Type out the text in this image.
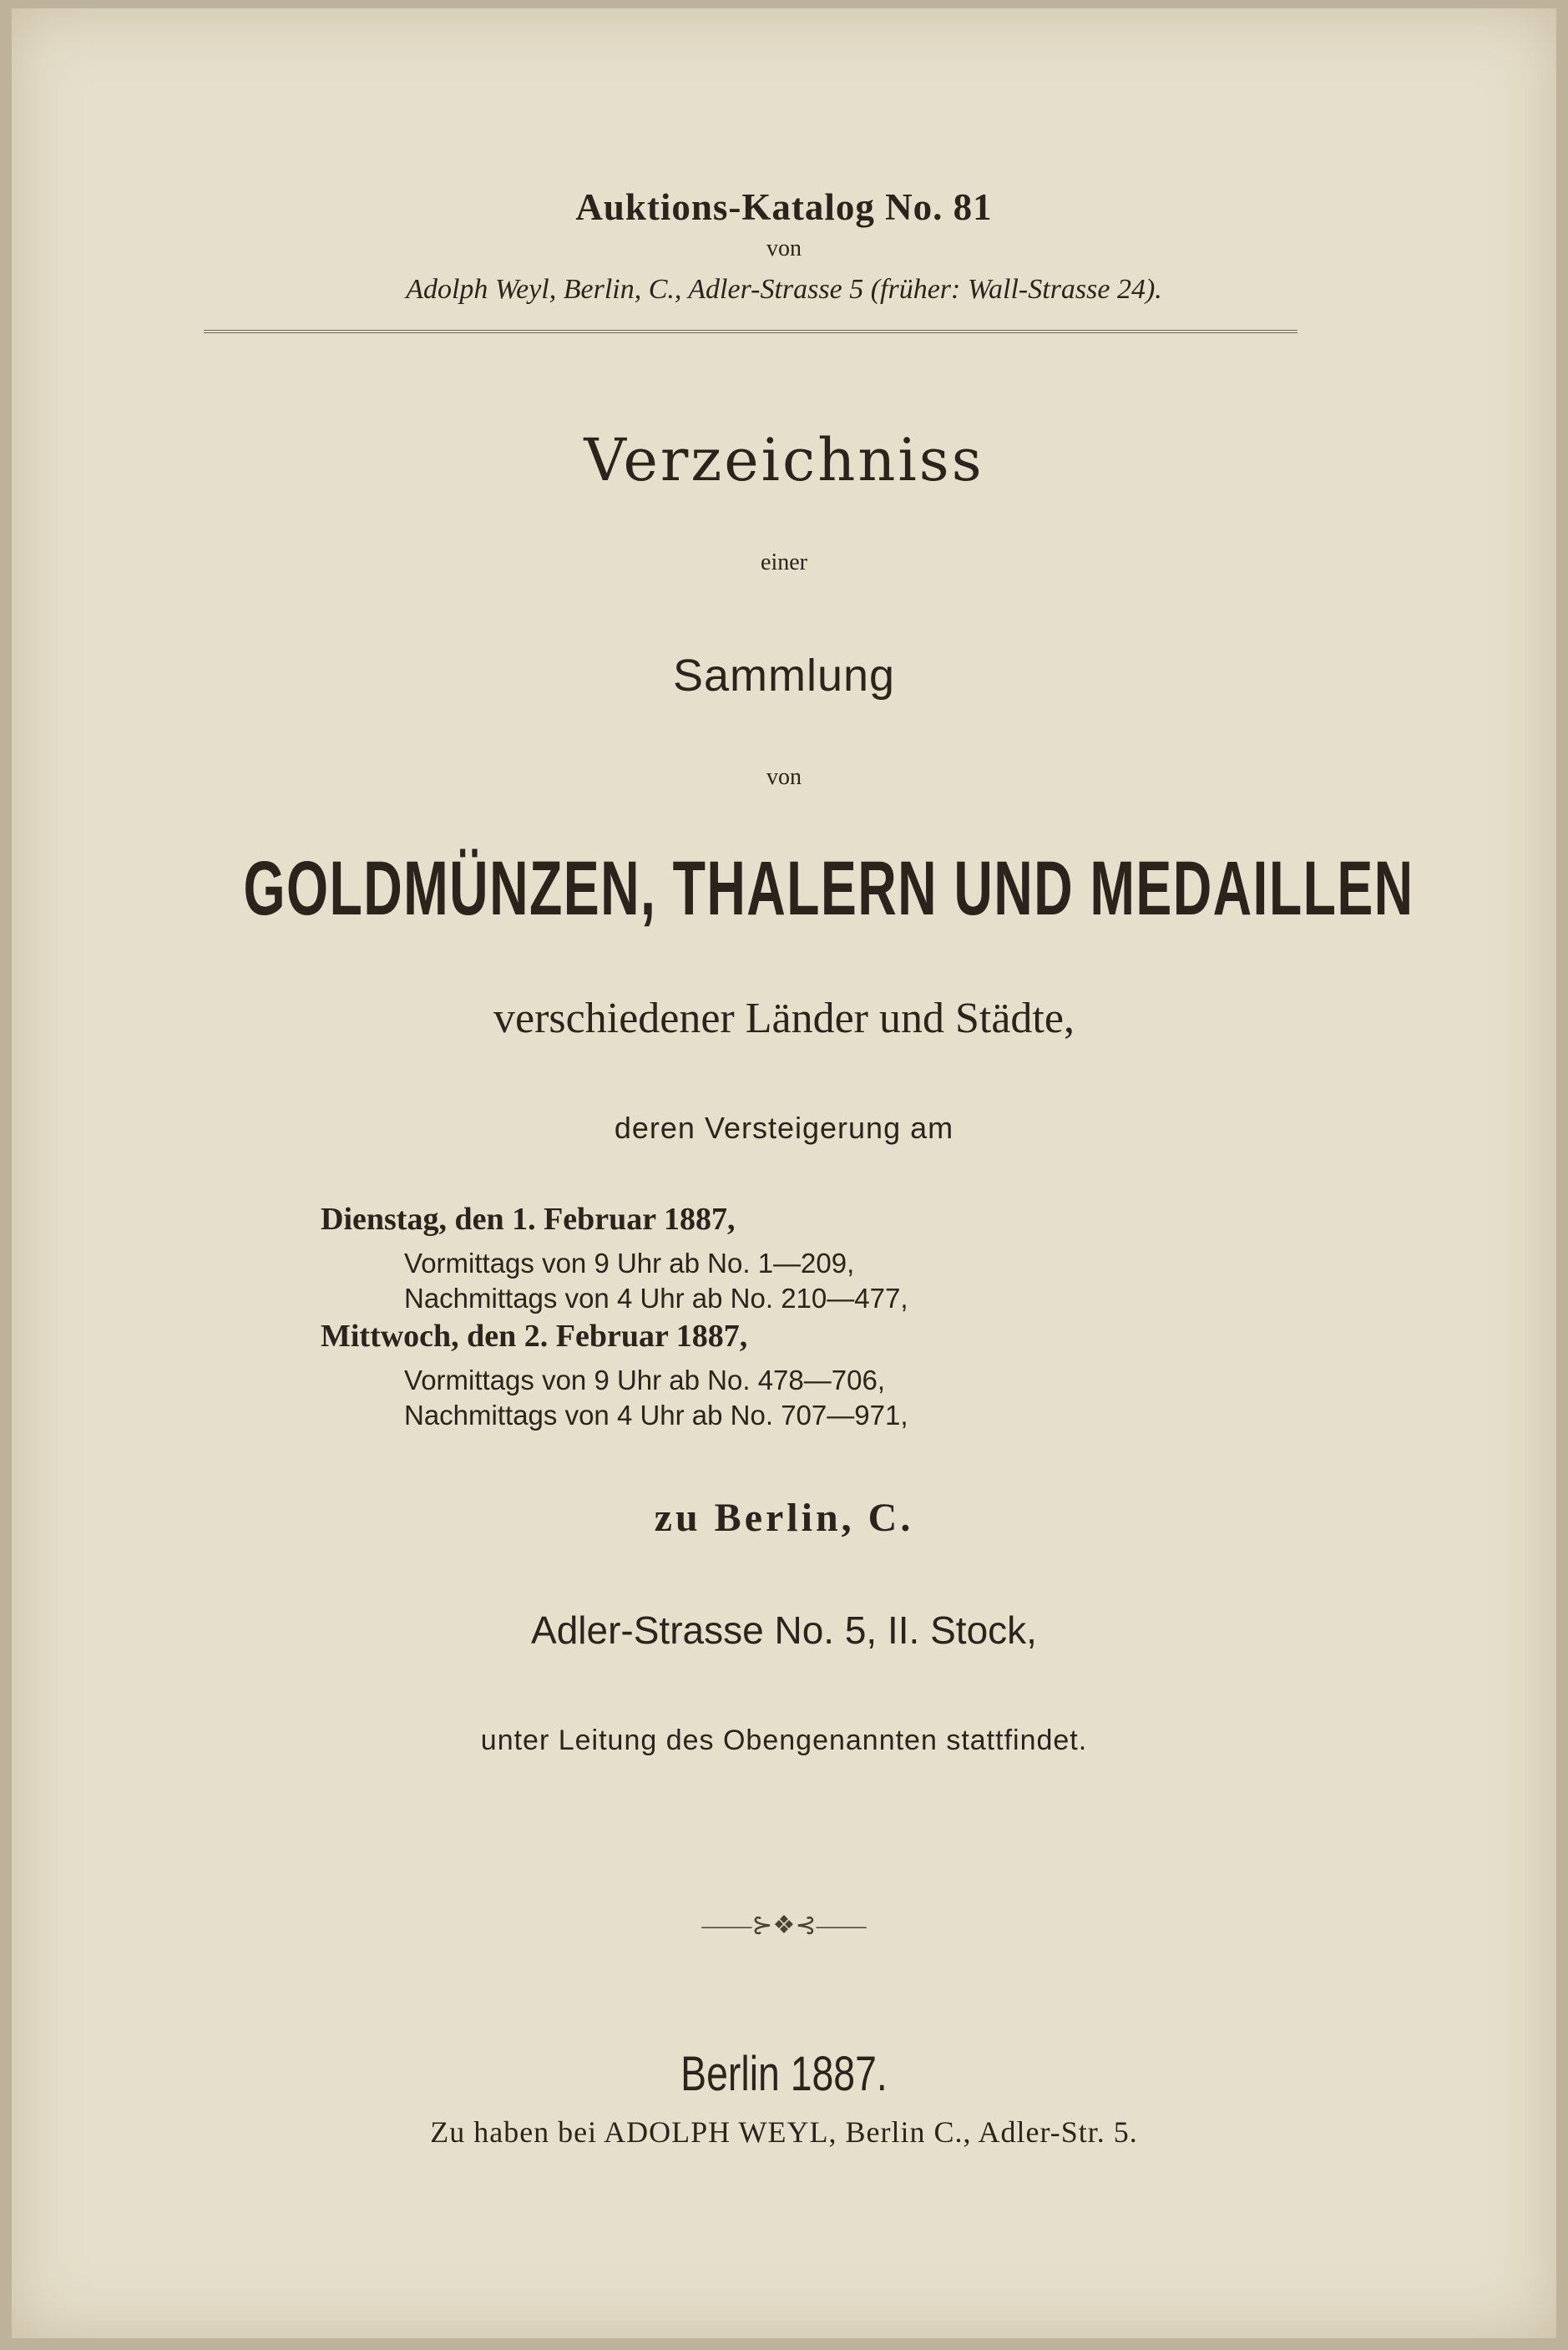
Auktions-Katalog No. 81
von
Adolph Weyl, Berlin, C., Adler-Strasse 5 (früher: Wall-Strasse 24).
Verzeichniss
einer
Sammlung
von
GOLDMÜNZEN, THALERN UND MEDAILLEN
verschiedener Länder und Städte,
deren Versteigerung am
Dienstag, den 1. Februar 1887,
Vormittags von 9 Uhr ab No. 1—209,
Nachmittags von 4 Uhr ab No. 210—477,
Mittwoch, den 2. Februar 1887,
Vormittags von 9 Uhr ab No. 478—706,
Nachmittags von 4 Uhr ab No. 707—971,
zu Berlin, C.
Adler-Strasse No. 5, II. Stock,
unter Leitung des Obengenannten stattfindet.
——⊱❖⊰——
Berlin 1887.
Zu haben bei ADOLPH WEYL, Berlin C., Adler-Str. 5.
